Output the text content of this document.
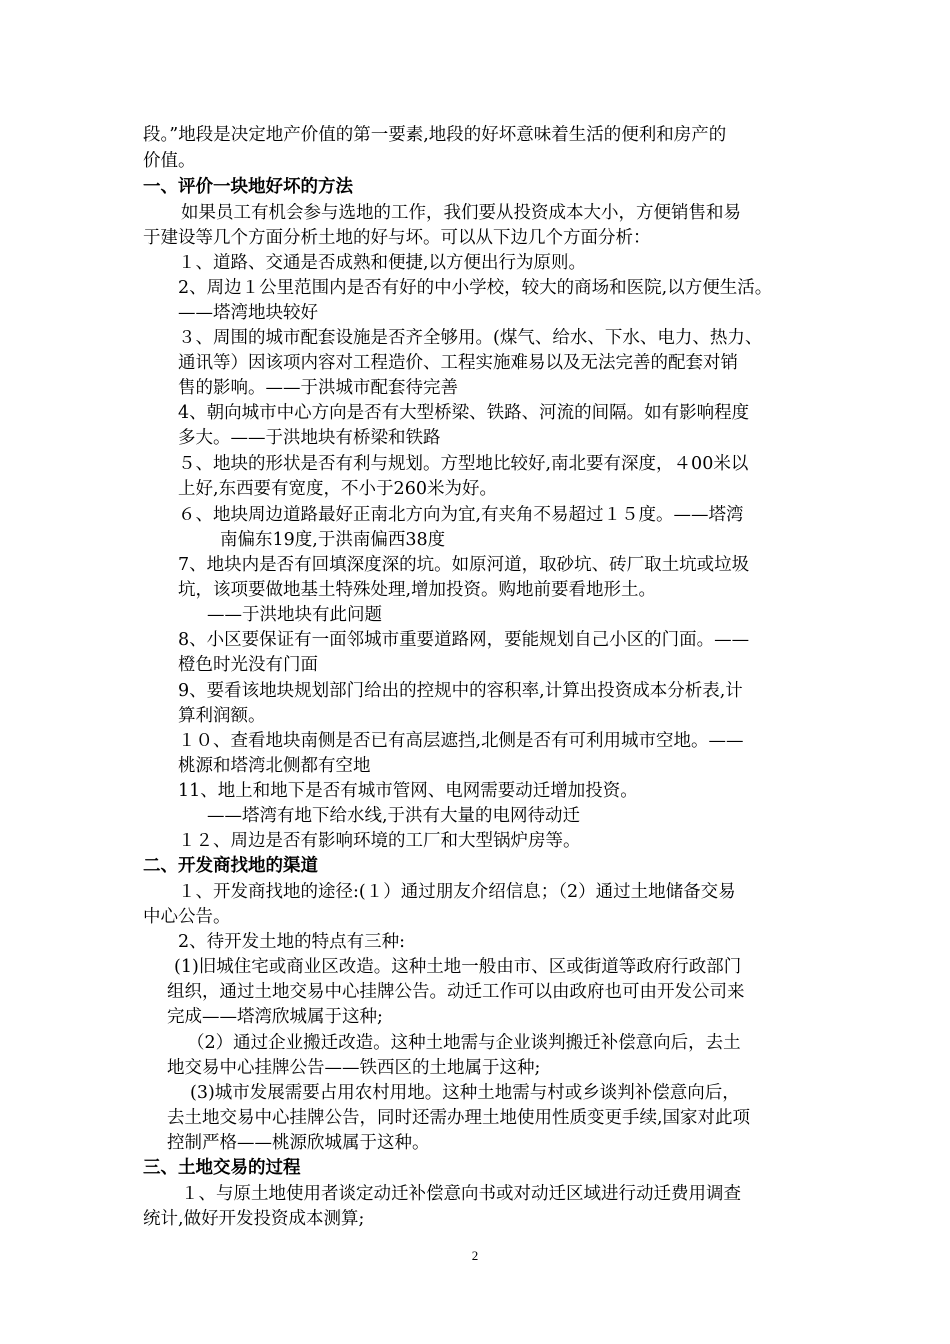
段。”地段是决定地产价值的第一要素,地段的好坏意味着生活的便利和房产的
价值。
一、评价一块地好坏的方法
如果员工有机会参与选地的工作，我们要从投资成本大小，方便销售和易
于建设等几个方面分析土地的好与坏。可以从下边几个方面分析：
１、道路、交通是否成熟和便捷,以方便出行为原则。
2、周边１公里范围内是否有好的中小学校，较大的商场和医院,以方便生活。
——塔湾地块较好
３、周围的城市配套设施是否齐全够用。(煤气、给水、下水、电力、热力、
通讯等）因该项内容对工程造价、工程实施难易以及无法完善的配套对销
售的影响。——于洪城市配套待完善
4、朝向城市中心方向是否有大型桥梁、铁路、河流的间隔。如有影响程度
多大。——于洪地块有桥梁和铁路
５、地块的形状是否有利与规划。方型地比较好,南北要有深度，４00米以
上好,东西要有宽度，不小于260米为好。
６、地块周边道路最好正南北方向为宜,有夹角不易超过１５度。——塔湾
南偏东19度,于洪南偏西38度
7、地块内是否有回填深度深的坑。如原河道，取砂坑、砖厂取土坑或垃圾
坑，该项要做地基土特殊处理,增加投资。购地前要看地形土。
——于洪地块有此问题
8、小区要保证有一面邻城市重要道路网，要能规划自己小区的门面。——
橙色时光没有门面
9、要看该地块规划部门给出的控规中的容积率,计算出投资成本分析表,计
算利润额。
１０、查看地块南侧是否已有高层遮挡,北侧是否有可利用城市空地。——
桃源和塔湾北侧都有空地
11、地上和地下是否有城市管网、电网需要动迁增加投资。
——塔湾有地下给水线,于洪有大量的电网待动迁
１２、周边是否有影响环境的工厂和大型锅炉房等。
二、开发商找地的渠道
１、开发商找地的途径:(１）通过朋友介绍信息；（2）通过土地储备交易
中心公告。
2、待开发土地的特点有三种:
(1)旧城住宅或商业区改造。这种土地一般由市、区或街道等政府行政部门
组织，通过土地交易中心挂牌公告。动迁工作可以由政府也可由开发公司来
完成——塔湾欣城属于这种;
（2）通过企业搬迁改造。这种土地需与企业谈判搬迁补偿意向后，去土
地交易中心挂牌公告——铁西区的土地属于这种;
(3)城市发展需要占用农村用地。这种土地需与村或乡谈判补偿意向后，
去土地交易中心挂牌公告，同时还需办理土地使用性质变更手续,国家对此项
控制严格——桃源欣城属于这种。
三、土地交易的过程
１、与原土地使用者谈定动迁补偿意向书或对动迁区域进行动迁费用调查
统计,做好开发投资成本测算;
2
